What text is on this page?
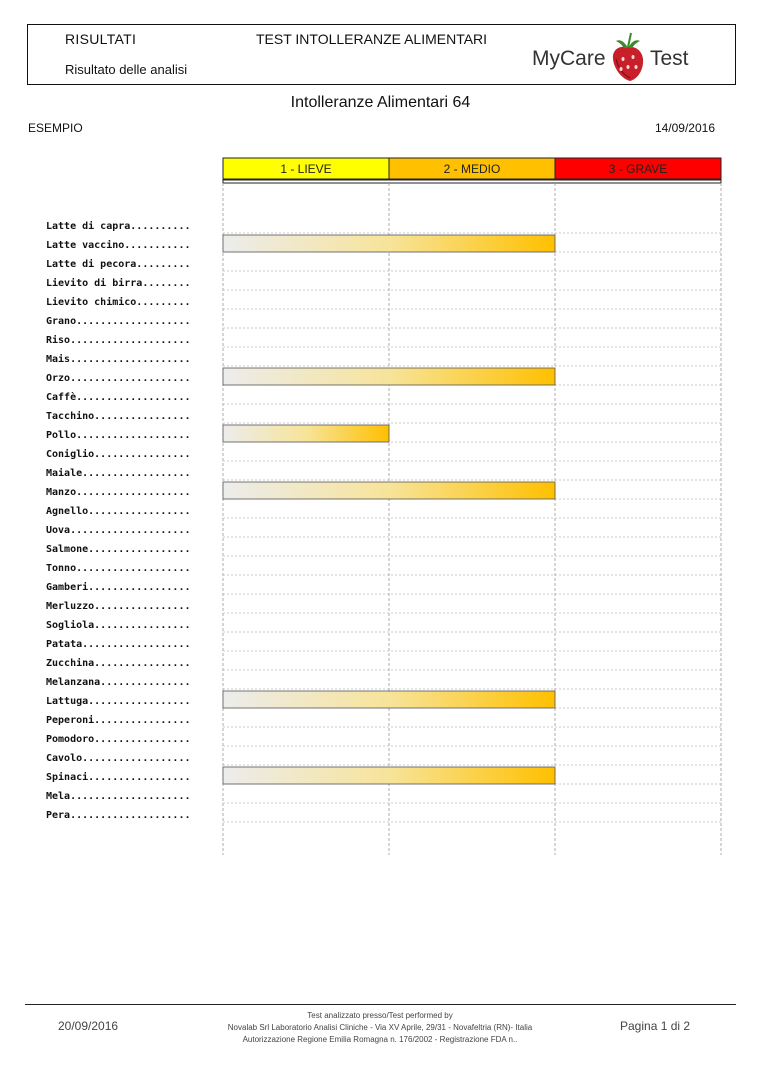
RISULTATI
Risultato delle analisi
TEST INTOLLERANZE ALIMENTARI
MyCare Test
Intolleranze Alimentari 64
ESEMPIO	14/09/2016
1 - LIEVE	2 - MEDIO	3 - GRAVE
Latte di capra..........
Latte vaccino...........
Latte di pecora.........
Lievito di birra........
Lievito chimico.........
Grano...................
Riso....................
Mais....................
Orzo....................
Caffè...................
Tacchino................
Pollo...................
Coniglio................
Maiale..................
Manzo...................
Agnello.................
Uova....................
Salmone.................
Tonno...................
Gamberi.................
Merluzzo................
Sogliola................
Patata..................
Zucchina................
Melanzana...............
Lattuga.................
Peperoni................
Pomodoro................
Cavolo..................
Spinaci.................
Mela....................
Pera....................
20/09/2016
Test analizzato presso/Test performed by
Novalab Srl Laboratorio Analisi Cliniche - Via XV Aprile, 29/31 - Novafeltria (RN)- Italia
Autorizzazione Regione Emilia Romagna n. 176/2002 - Registrazione FDA n..
Pagina 1 di 2
